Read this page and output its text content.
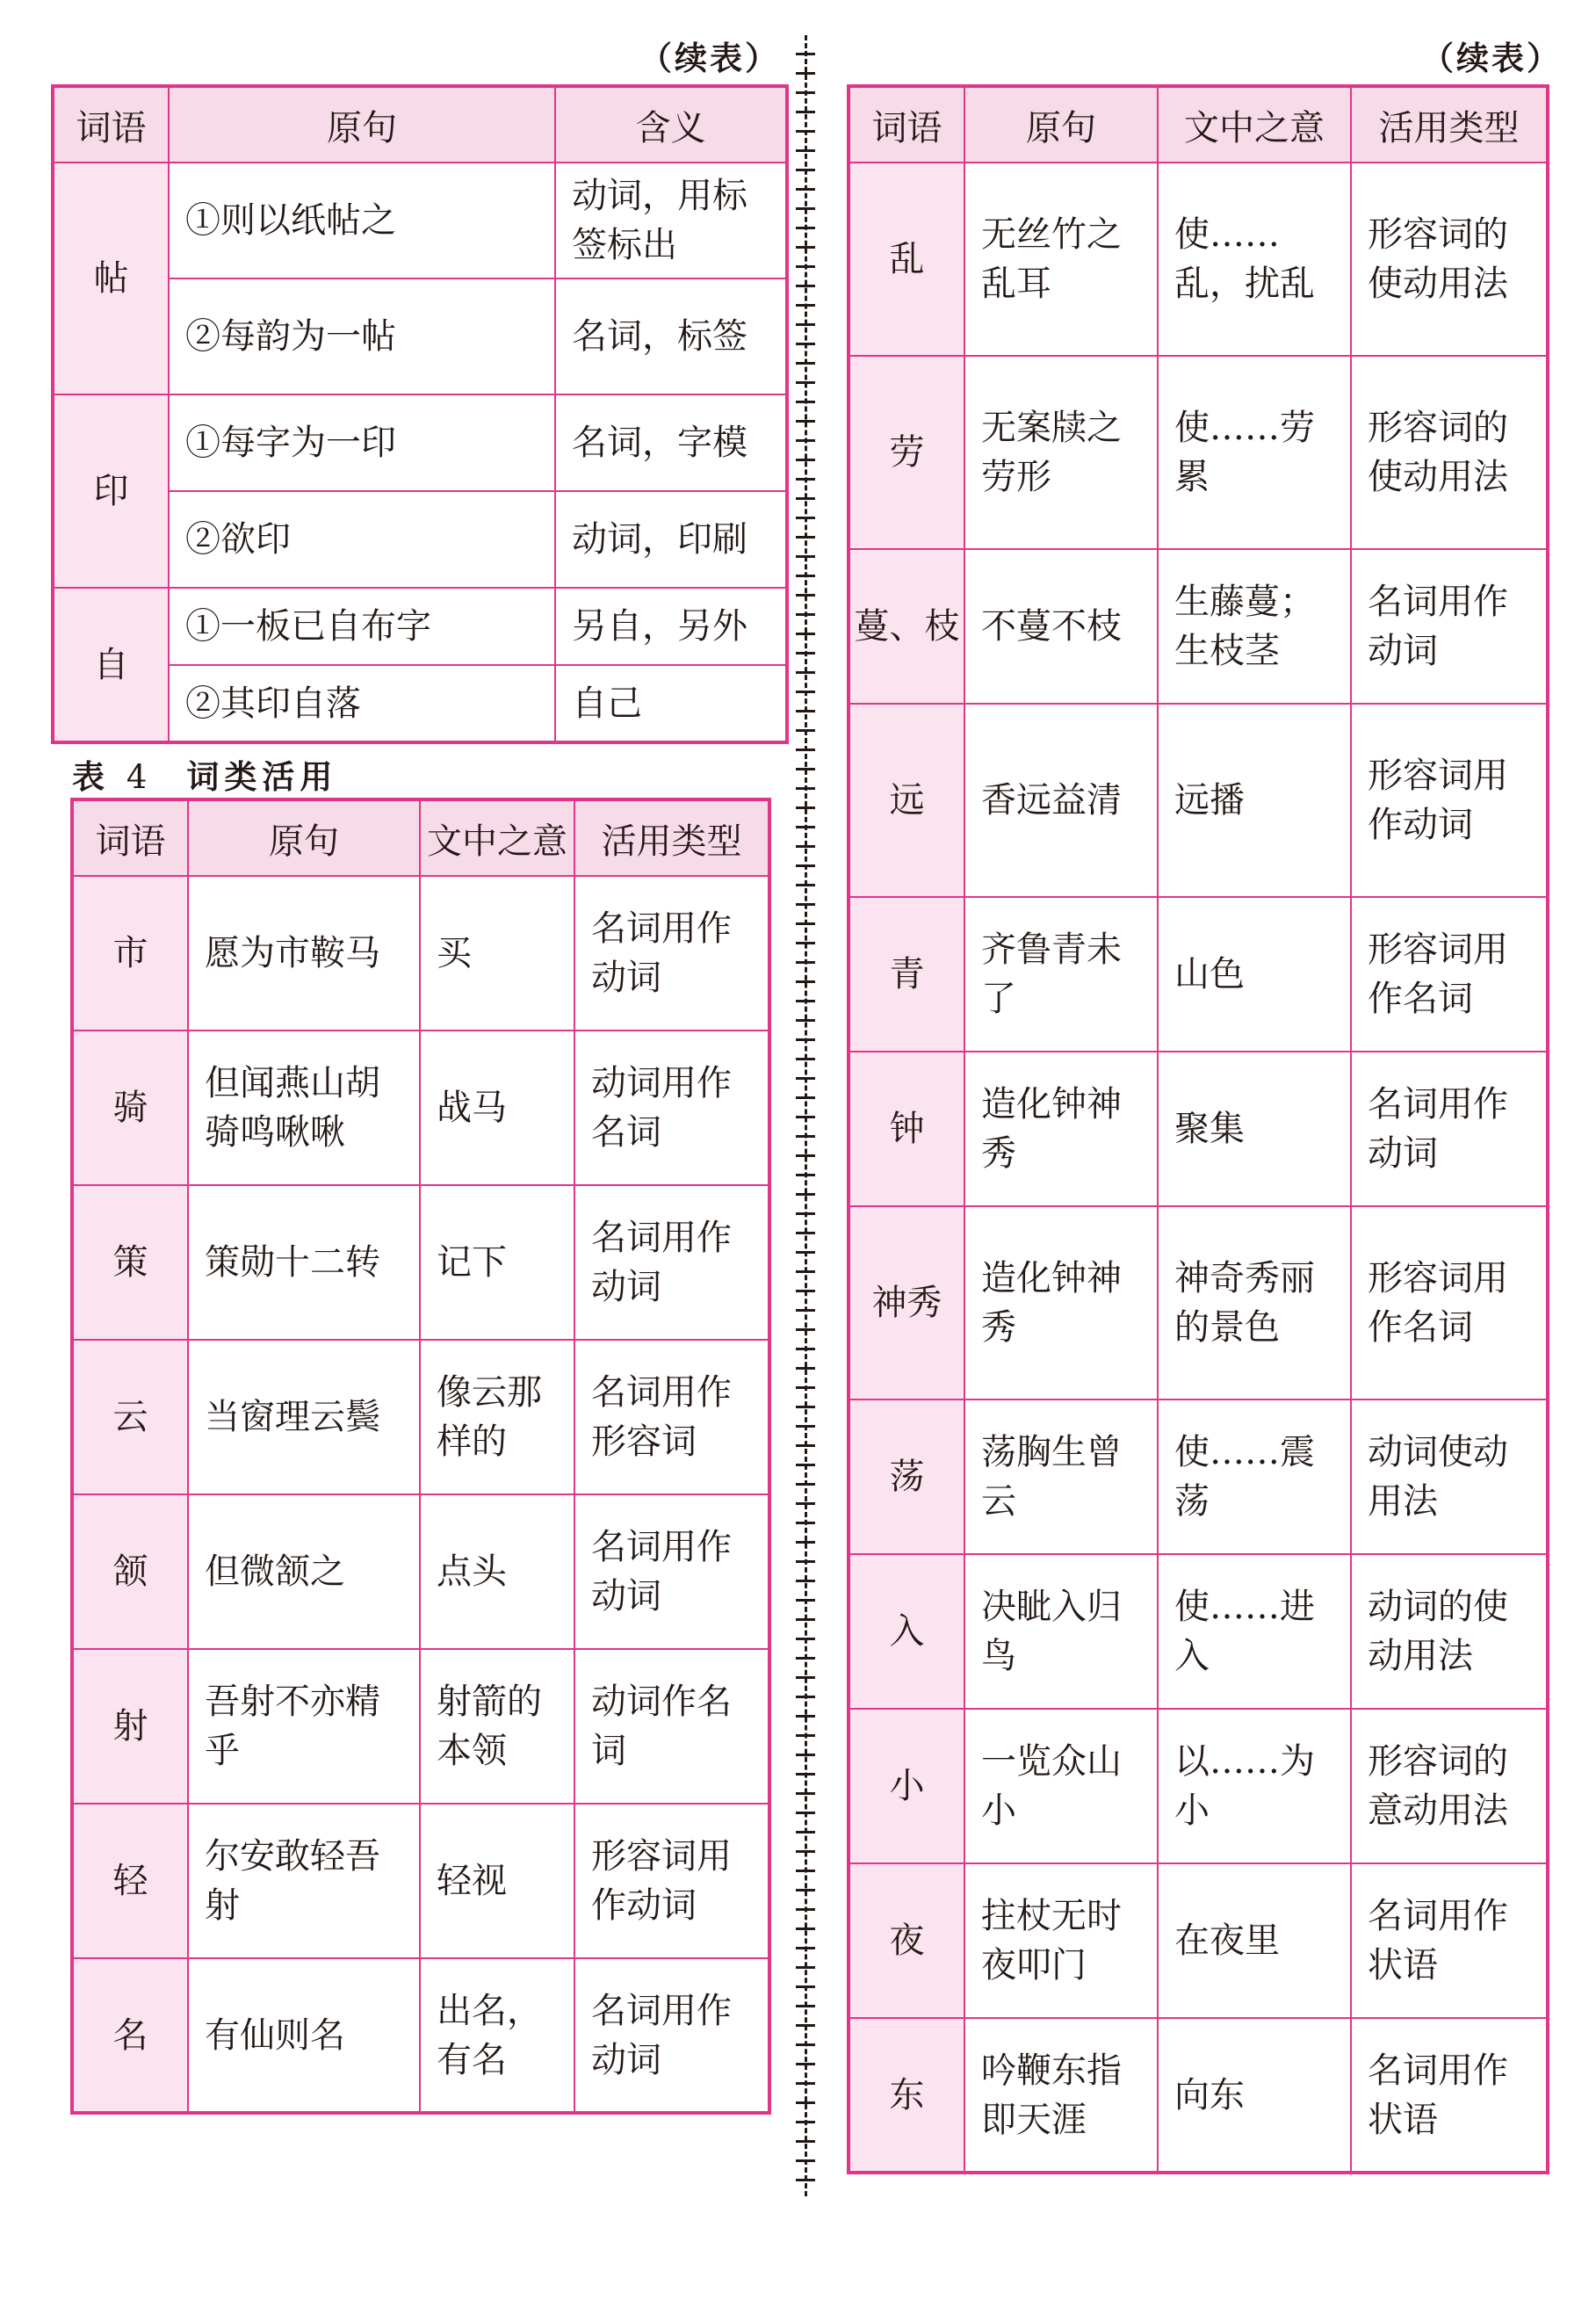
（续表）	（续表）
词语	原句	含义
帖	①则以纸帖之	动词，用标签标出
	②每韵为一帖	名词，标签
印	①每字为一印	名词，字模
	②欲印	动词，印刷
自	①一板已自布字	另自，另外
	②其印自落	自己
表 4 词类活用
词语	原句	文中之意	活用类型
市	愿为市鞍马	买	名词用作动词
骑	但闻燕山胡骑鸣啾啾	战马	动词用作名词
策	策勋十二转	记下	名词用作动词
云	当窗理云鬓	像云那样的	名词用作形容词
颔	但微颔之	点头	名词用作动词
射	吾射不亦精乎	射箭的本领	动词作名词
轻	尔安敢轻吾射	轻视	形容词用作动词
名	有仙则名	出名，有名	名词用作动词
词语	原句	文中之意	活用类型
乱	无丝竹之乱耳	使……乱，扰乱	形容词的使动用法
劳	无案牍之劳形	使……劳累	形容词的使动用法
蔓、枝	不蔓不枝	生藤蔓；生枝茎	名词用作动词
远	香远益清	远播	形容词用作动词
青	齐鲁青未了	山色	形容词用作名词
钟	造化钟神秀	聚集	名词用作动词
神秀	造化钟神秀	神奇秀丽的景色	形容词用作名词
荡	荡胸生曾云	使……震荡	动词使动用法
入	决眦入归鸟	使……进入	动词的使动用法
小	一览众山小	以……为小	形容词的意动用法
夜	拄杖无时夜叩门	在夜里	名词用作状语
东	吟鞭东指即天涯	向东	名词用作状语
